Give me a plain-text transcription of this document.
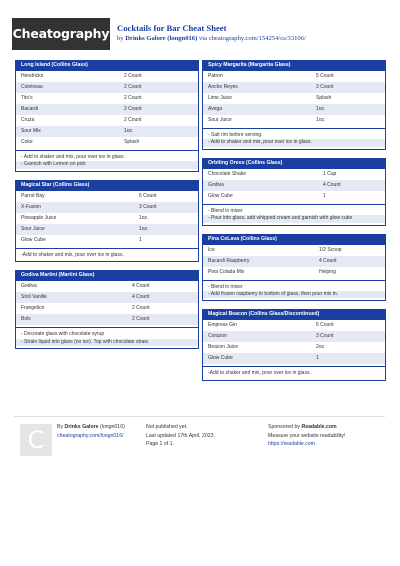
Cheatography Cocktails for Bar Cheat Sheet
by Drinks Galore (longn016) via cheatography.com/154254/cs/33106/
Long Island (Collins Glass)
Hendricks	2 Count
Cointreau	2 Count
Tito's	2 Count
Bacardi	2 Count
Cruza	2 Count
Sour Mix	1oz.
Coke	Splash
- Add to shaker and mix, pour over ice in glass.
- Garnish with Lemon on pick
Magical Star (Collins Glass)
Parrot Bay	5 Count
X-Fusion	3 Count
Pineapple Juice	1oz.
Sour Juice	1oz.
Glow Cube	1
-Add to shaker and mix, pour over ice in glass.
Godiva Martini (Martini Glass)
Godiva	4 Count
Stoli Vanille	4 Count
Frangelico	2 Count
Bols	2 Count
- Decorate glass with chocolate syrup
- Strain liquid into glass (no ice). Top with chocolate straw.
Spicy Margarita (Margarita Glass)
Patron	5 Count
Ancho Reyes	3 Count
Lime Juice	Splash
Avega	1oz.
Sour Juice	1oz.
- Salt rim before serving.
- Add to shaker and mix, pour over ice in glass.
Orbiting Oreos (Collins Glass)
Chocolate Shake	1 Cup
Godiva	4 Count
Glow Cube	1
- Blend in mixer
- Pour into glass, add whipped cream and garnish with glow cube
Pina CoLava (Collins Glass)
Ice	1/2 Scoop
Bacardi Raspberry	4 Count
Pina Colada Mix	Helping
- Blend in mixer
- Add frozen raspberry to bottom of glass, then pour mix in.
Magical Beacon (Collins Glass/Discontinued)
Empress Gin	5 Count
Corazon	3 Count
Beacon Juice	2oz.
Glow Cube	1
-Add to shaker and mix, pour over ice in glass.
C	By Drinks Galore (longn016)
cheatography.com/longn016/
Not published yet.
Last updated 17th April, 2023.
Page 1 of 1.
Sponsored by Readable.com
Measure your website readability!
https://readable.com
